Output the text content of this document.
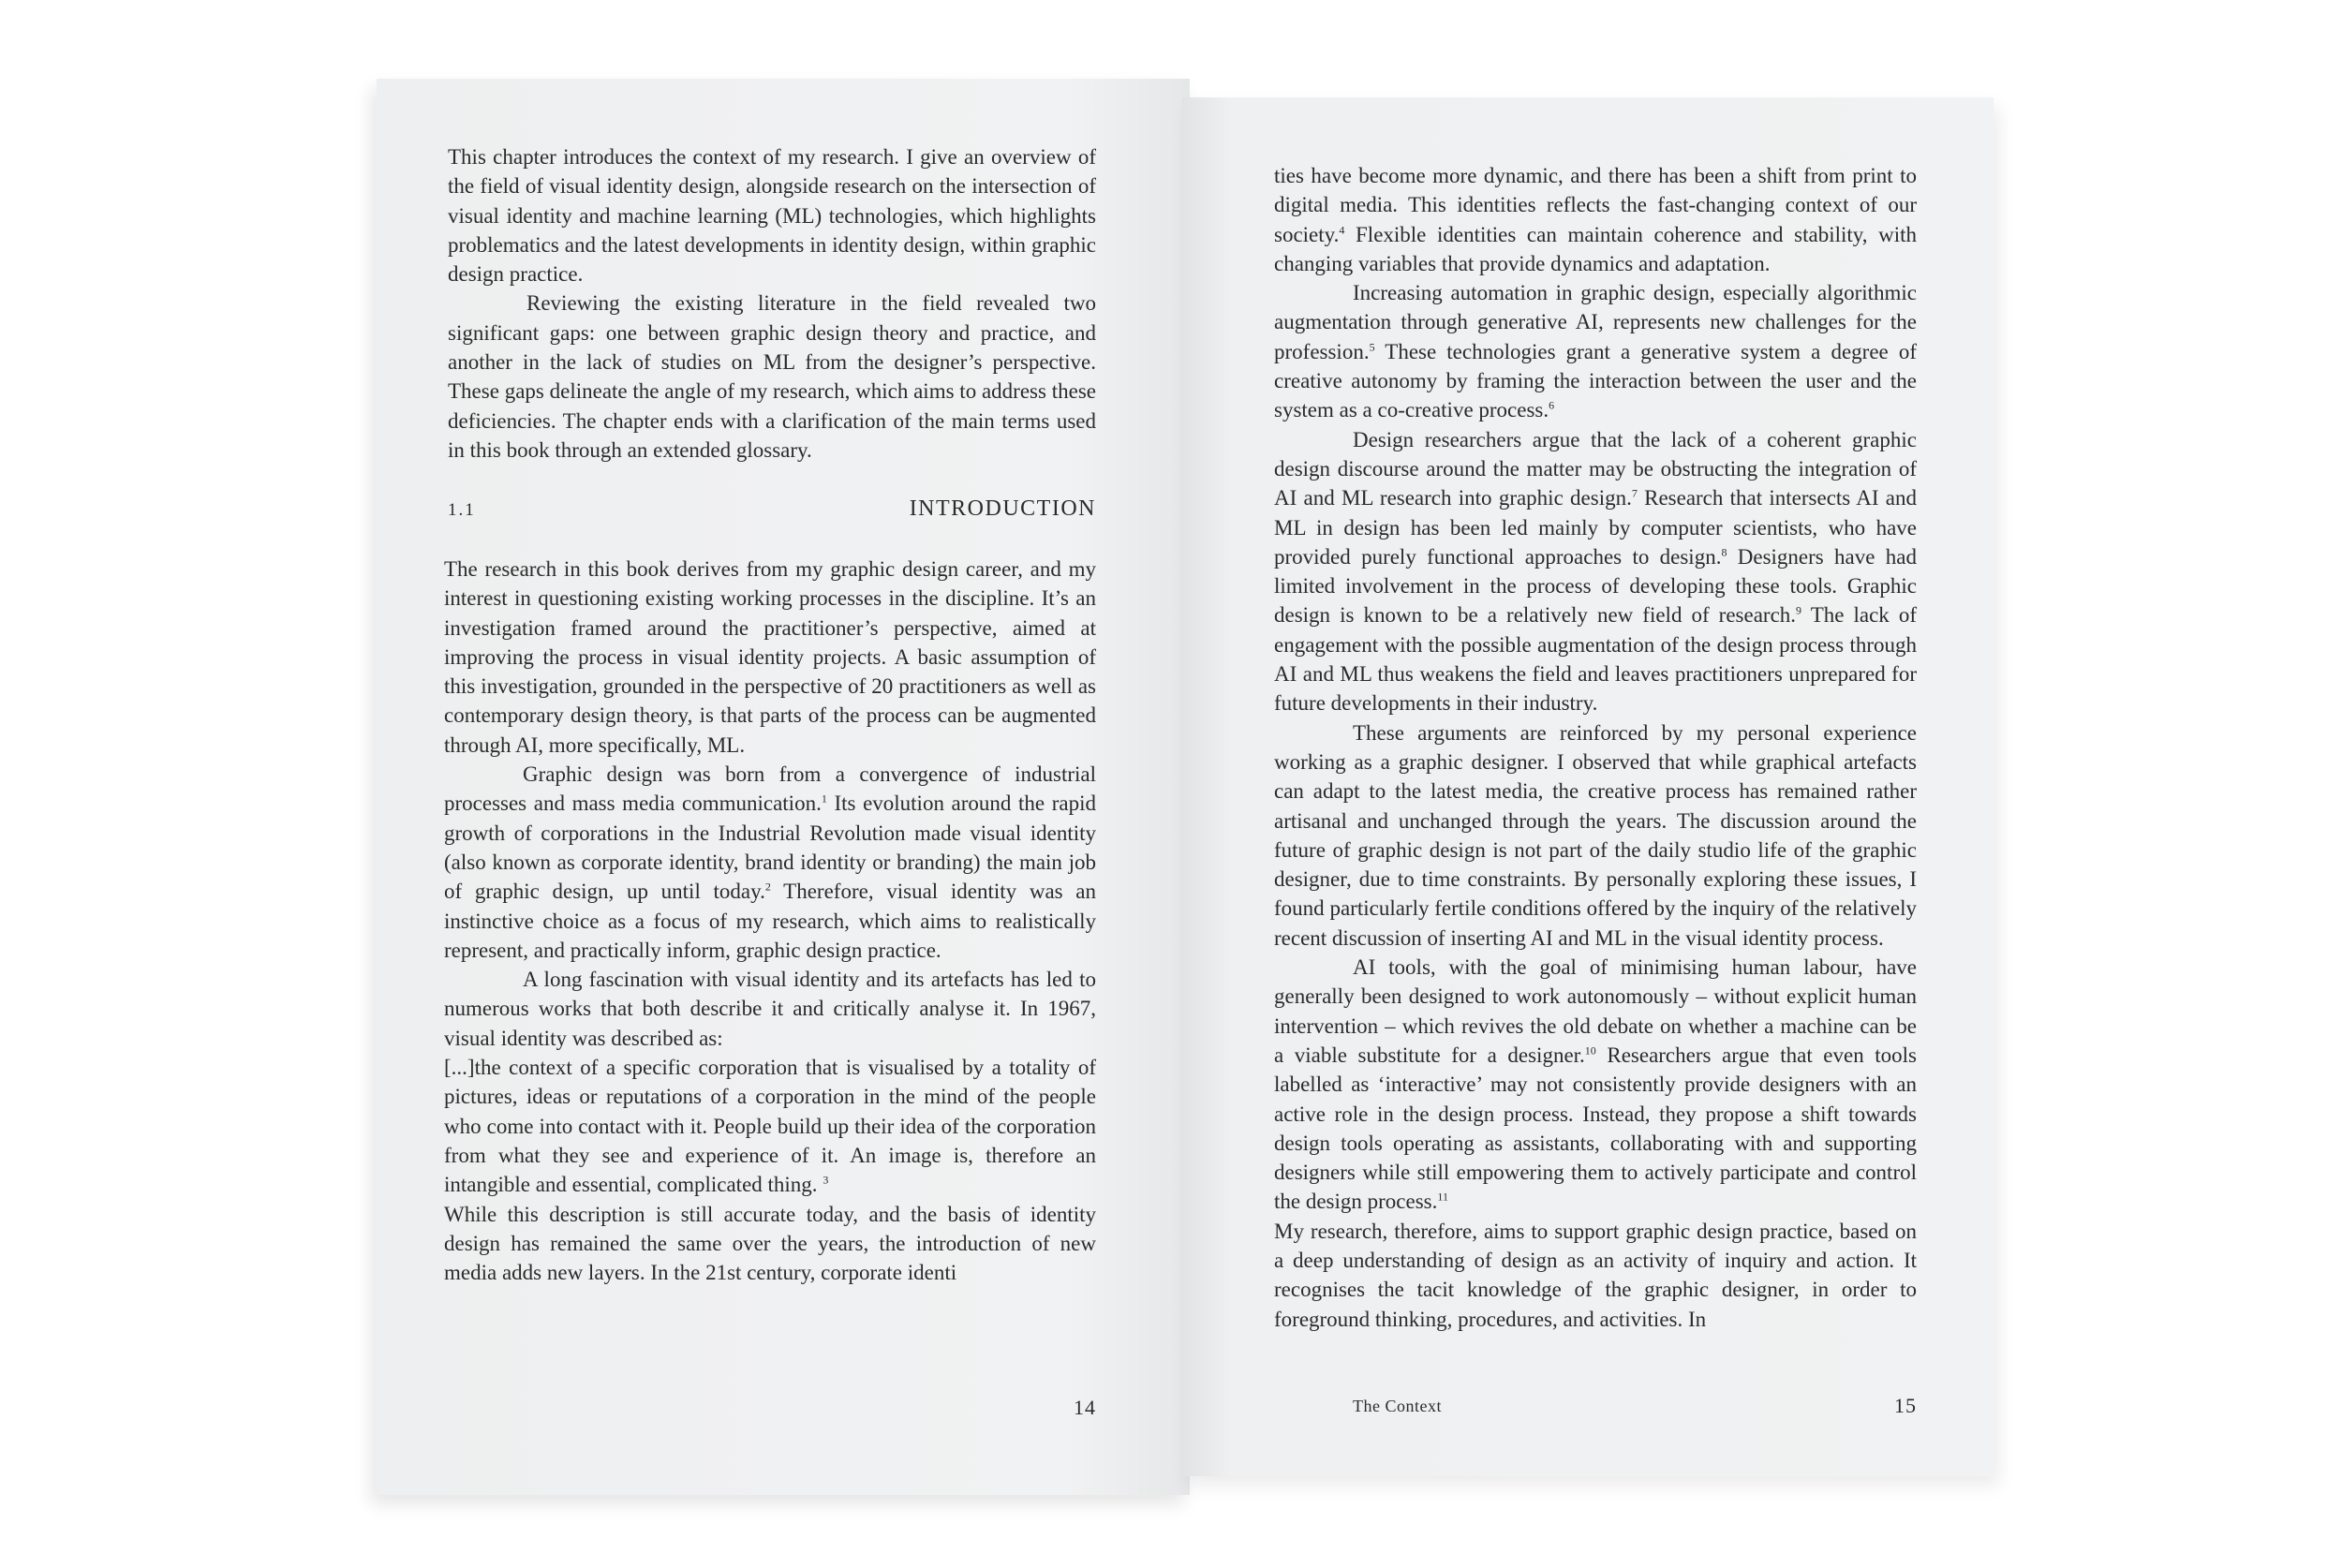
This chapter introduces the context of my research. I give an overview of the field of visual identity design, alongside research on the intersection of visual identity and machine learning (ML) technologies, which highlights problematics and the latest developments in identity design, within graphic design practice.

Reviewing the existing literature in the field revealed two significant gaps: one between graphic design theory and practice, and another in the lack of studies on ML from the designer’s perspective. These gaps delineate the angle of my research, which aims to address these deficiencies. The chapter ends with a clarification of the main terms used in this book through an extended glossary.

1.1	INTRODUCTION

The research in this book derives from my graphic design career, and my interest in questioning existing working processes in the discipline. It’s an investigation framed around the practitioner’s perspective, aimed at improving the process in visual identity projects. A basic assumption of this investigation, grounded in the perspective of 20 practitioners as well as contemporary design theory, is that parts of the process can be augmented through AI, more specifically, ML.

Graphic design was born from a convergence of industrial processes and mass media communication.$^1$ Its evolution around the rapid growth of corporations in the Industrial Revolution made visual identity (also known as corporate identity, brand identity or branding) the main job of graphic design, up until today.$^2$ Therefore, visual identity was an instinctive choice as a focus of my research, which aims to realistically represent, and practically inform, graphic design practice.

A long fascination with visual identity and its artefacts has led to numerous works that both describe it and critically analyse it. In 1967, visual identity was described as:

[...]the context of a specific corporation that is visualised by a totality of pictures, ideas or reputations of a corporation in the mind of the people who come into contact with it. People build up their idea of the corporation from what they see and experience of it. An image is, therefore an intangible and essential, complicated thing. $^3$

While this description is still accurate today, and the basis of identity design has remained the same over the years, the introduction of new media adds new layers. In the 21st century, corporate identi

14

ties have become more dynamic, and there has been a shift from print to digital media. This identities reflects the fast-changing context of our society.$^4$ Flexible identities can maintain coherence and stability, with changing variables that provide dynamics and adaptation.

Increasing automation in graphic design, especially algorithmic augmentation through generative AI, represents new challenges for the profession.$^5$ These technologies grant a generative system a degree of creative autonomy by framing the interaction between the user and the system as a co-creative process.$^6$

Design researchers argue that the lack of a coherent graphic design discourse around the matter may be obstructing the integration of AI and ML research into graphic design.$^7$ Research that intersects AI and ML in design has been led mainly by computer scientists, who have provided purely functional approaches to design.$^8$ Designers have had limited involvement in the process of developing these tools. Graphic design is known to be a relatively new field of research.$^9$ The lack of engagement with the possible augmentation of the design process through AI and ML thus weakens the field and leaves practitioners unprepared for future developments in their industry.

These arguments are reinforced by my personal experience working as a graphic designer. I observed that while graphical artefacts can adapt to the latest media, the creative process has remained rather artisanal and unchanged through the years. The discussion around the future of graphic design is not part of the daily studio life of the graphic designer, due to time constraints. By personally exploring these issues, I found particularly fertile conditions offered by the inquiry of the relatively recent discussion of inserting AI and ML in the visual identity process.

AI tools, with the goal of minimising human labour, have generally been designed to work autonomously – without explicit human intervention – which revives the old debate on whether a machine can be a viable substitute for a designer.$^{10}$ Researchers argue that even tools labelled as ‘interactive’ may not consistently provide designers with an active role in the design process. Instead, they propose a shift towards design tools operating as assistants, collaborating with and supporting designers while still empowering them to actively participate and control the design process.$^{11}$

My research, therefore, aims to support graphic design practice, based on a deep understanding of design as an activity of inquiry and action. It recognises the tacit knowledge of the graphic designer, in order to foreground thinking, procedures, and activities. In

The Context	15
